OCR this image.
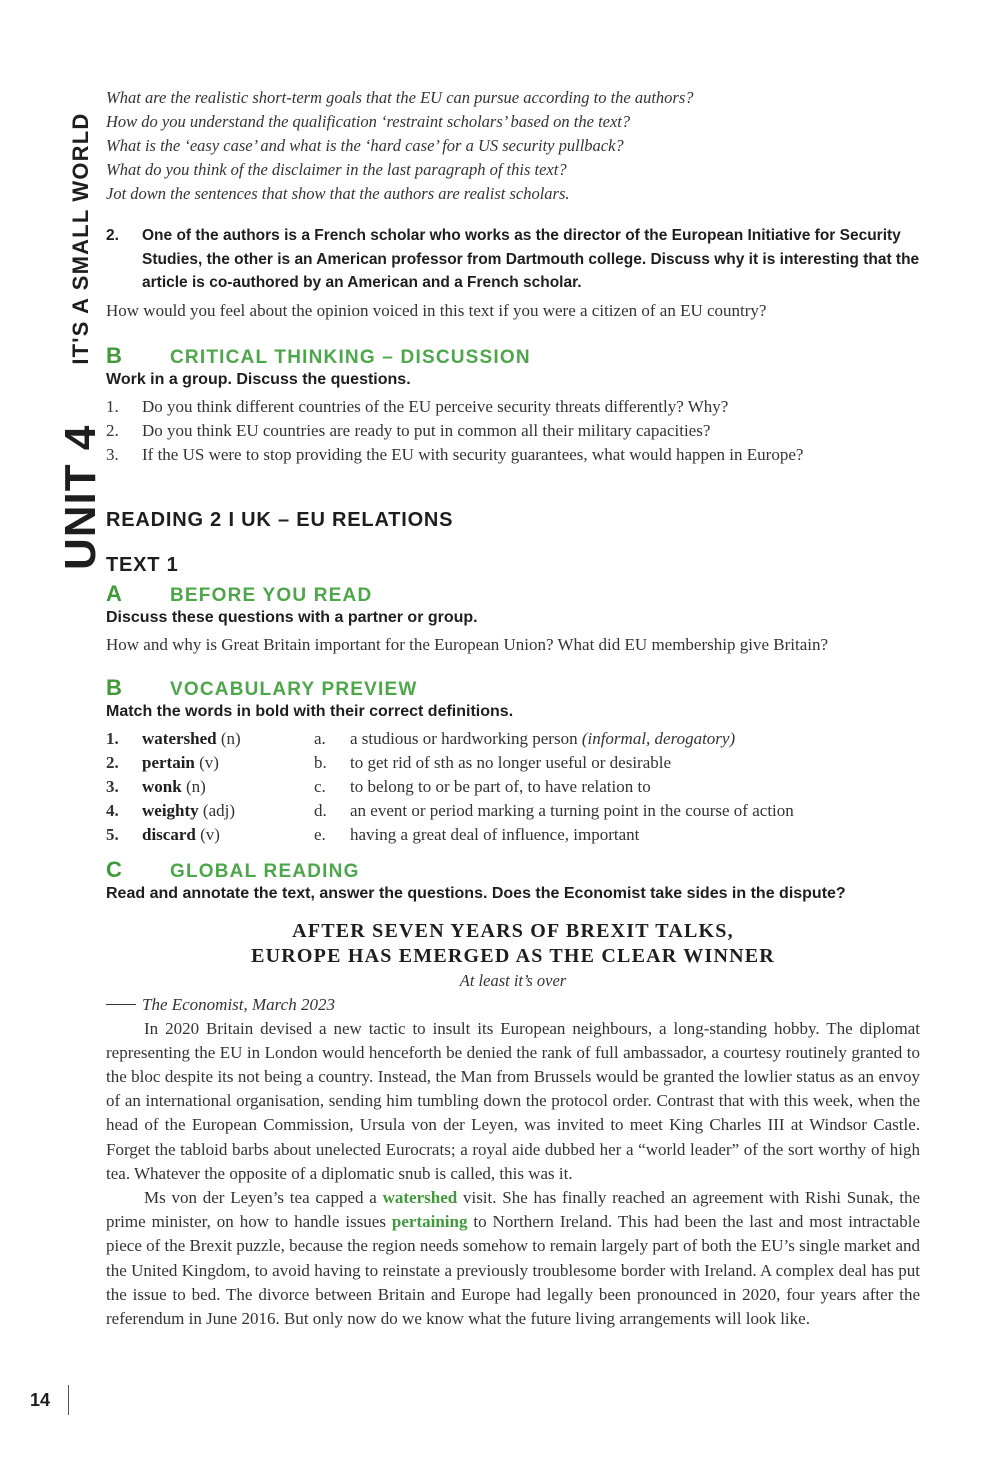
UNIT 4IT'S A SMALL WORLD
14
What are the realistic short-term goals that the EU can pursue according to the authors?
How do you understand the qualification ‘restraint scholars’ based on the text?
What is the ‘easy case’ and what is the ‘hard case’ for a US security pullback?
What do you think of the disclaimer in the last paragraph of this text?
Jot down the sentences that show that the authors are realist scholars.
2.	One of the authors is a French scholar who works as the director of the European Initiative for Security Studies, the other is an American professor from Dartmouth college. Discuss why it is interesting that the article is co-authored by an American and a French scholar.
How would you feel about the opinion voiced in this text if you were a citizen of an EU country?
B	CRITICAL THINKING – DISCUSSION
Work in a group. Discuss the questions.
1.	Do you think different countries of the EU perceive security threats differently? Why?
2.	Do you think EU countries are ready to put in common all their military capacities?
3.	If the US were to stop providing the EU with security guarantees, what would happen in Europe?
READING 2 I UK – EU RELATIONS
TEXT 1
A	BEFORE YOU READ
Discuss these questions with a partner or group.
How and why is Great Britain important for the European Union? What did EU membership give Britain?
B	VOCABULARY PREVIEW
Match the words in bold with their correct definitions.
1.	watershed (n)	a.	a studious or hardworking person (informal, derogatory)
2.	pertain (v)	b.	to get rid of sth as no longer useful or desirable
3.	wonk (n)	c.	to belong to or be part of, to have relation to
4.	weighty (adj)	d.	an event or period marking a turning point in the course of action
5.	discard (v)	e.	having a great deal of influence, important
C	GLOBAL READING
Read and annotate the text, answer the questions. Does the Economist take sides in the dispute?
AFTER SEVEN YEARS OF BREXIT TALKS,
EUROPE HAS EMERGED AS THE CLEAR WINNER
At least it’s over
The Economist, March 2023

In 2020 Britain devised a new tactic to insult its European neighbours, a long-standing hobby. The diplomat representing the EU in London would henceforth be denied the rank of full ambassador, a courtesy routinely granted to the bloc despite its not being a country. Instead, the Man from Brussels would be granted the lowlier status as an envoy of an international organisation, sending him tumbling down the protocol order. Contrast that with this week, when the head of the European Commission, Ursula von der Leyen, was invited to meet King Charles III at Windsor Castle. Forget the tabloid barbs about unelected Eurocrats; a royal aide dubbed her a “world leader” of the sort worthy of high tea. Whatever the opposite of a diplomatic snub is called, this was it.

Ms von der Leyen’s tea capped a watershed visit. She has finally reached an agreement with Rishi Sunak, the prime minister, on how to handle issues pertaining to Northern Ireland. This had been the last and most intractable piece of the Brexit puzzle, because the region needs somehow to remain largely part of both the EU’s single market and the United Kingdom, to avoid having to reinstate a previously troublesome border with Ireland. A complex deal has put the issue to bed. The divorce between Britain and Europe had legally been pronounced in 2020, four years after the referendum in June 2016. But only now do we know what the future living arrangements will look like.
